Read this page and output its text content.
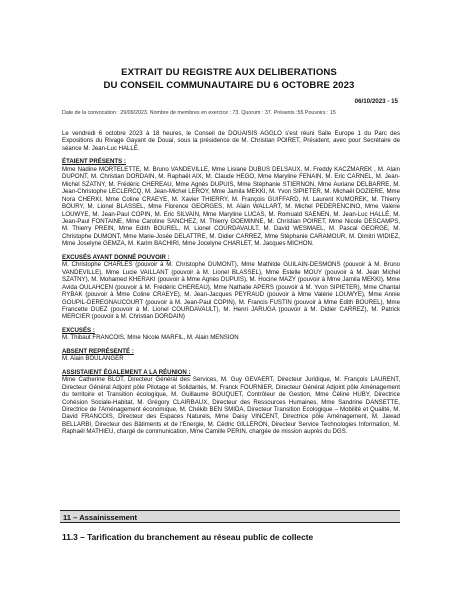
EXTRAIT DU REGISTRE AUX DELIBERATIONS
DU CONSEIL COMMUNAUTAIRE DU 6 OCTOBRE 2023
06/10/2023 - 15
Date de la convocation : 29/09/2023. Nombre de membres en exercice : 73. Quorum : 37. Présents :55 Pouvoirs : 15

Le vendredi 6 octobre 2023 à 18 heures, le Conseil de DOUAISIS AGGLO s'est réuni Salle Europe 1 du Parc des Expositions du Rivage Gayant de Douai, sous la présidence de M. Christian POIRET, Président, avec pour Secrétaire de séance M. Jean-Luc HALLÉ.

ÉTAIENT PRÉSENTS :
Mme Nadine MORTELETTE, M. Bruno VANDEVILLE, Mme Lisiane DUBUS DELSAUX, M. Freddy KACZMAREK , M. Alain DUPONT, M. Christian DORDAIN, M. Raphaël AIX, M. Claude HEGO, Mme Maryline FENAIN, M. Eric CARNEL, M. Jean-Michel SZATNY, M. Frédéric CHEREAU, Mme Agnès DUPUIS, Mme Stéphanie STIERNON, Mme Auriane DELBARRE, M. Jean-Christophe LECLERCQ, M. Jean-Michel LEROY, Mme Jamila MEKKI, M. Yvon SIPIETER, M. Michaël DOZIERE, Mme Nora CHERKI, Mme Coline CRAEYE, M. Xavier THIERRY, M. François GUIFFARD, M. Laurent KUMOREK, M. Thierry BOURY, M. Lionel BLASSEL, Mme Florence GEORGES, M. Alain WALLART, M. Michel PEDERENCINO, Mme Valérie LOUWYE, M. Jean-Paul COPIN, M. Eric SILVAIN, Mme Maryline LUCAS, M. Romuald SAENEN, M. Jean-Luc HALLÉ, M. Jean-Paul FONTAINE, Mme Caroline SANCHEZ, M. Thierry GOEMINNE, M. Christian POIRET, Mme Nicole DESCAMPS, M. Thierry PREIN, Mme Edith BOUREL, M. Lionel COURDAVAULT, M. David WESMAEL, M. Pascal GEORGE, M. Christophe DUMONT, Mme Marie-Josée DELATTRE, M. Didier CARREZ, Mme Stéphanie CARAMOUR, M. Dimitri WIDIEZ, Mme Joselyne GEMZA, M. Karim BACHIRI, Mme Jocelyne CHARLET, M. Jacques MICHON.
EXCUSÉS AYANT DONNÉ POUVOIR :
M. Christophe CHARLES (pouvoir à M. Christophe DUMONT), Mme Mathilde GUILAIN-DESMONS (pouvoir à M. Bruno VANDEVILLE), Mme Lucie VAILLANT (pouvoir à M. Lionel BLASSEL), Mme Estelle MOUY (pouvoir à M. Jean Michel SZATNY), M. Mohamed KHERAKI (pouvoir à Mme Agnès DUPUIS), M. Hocine MAZY (pouvoir à Mme Jamila MEKKI), Mme Avida OULAHCEN (pouvoir à M. Frédéric CHEREAU), Mme Nathalie APERS (pouvoir à M. Yvon SIPIETER), Mme Chantal RYBAK (pouvoir à Mme Coline CRAEYE), M. Jean-Jacques PEYRAUD (pouvoir à Mme Valérie LOUWYE), Mme Annie GOUPIL-DEREGNAUCOURT (pouvoir à M. Jean-Paul COPIN), M. Francis FUSTIN (pouvoir à Mme Edith BOUREL), Mme Francette DUEZ (pouvoir à M. Lionel COURDAVAULT), M. Henri JARUGA (pouvoir à M. Didier CARREZ), M. Patrick MERCIER (pouvoir à M. Christian DORDAIN)
EXCUSÉS :
M. Thibaut FRANCOIS, Mme Nicole MARFIL, M. Alain MENSION
ABSENT REPRÉSENTÉ :
M. Alain BOULANGER
ASSISTAIENT ÉGALEMENT A LA RÉUNION :
Mme Catherine BLOT, Directeur Général des Services, M. Guy GEVAERT, Directeur Juridique, M. François LAURENT, Directeur Général Adjoint pôle Pilotage et Solidarités, M. Franck FOURNIER, Directeur Général Adjoint pôle Aménagement du territoire et Transition écologique, M. Guillaume BOUQUET, Contrôleur de Gestion, Mme Céline HUBY, Directrice Cohésion Sociale-Habitat, M. Grégory CLAIRBAUX, Directeur des Ressources Humaines, Mme Sandrine DANSETTE, Directrice de l'Aménagement économique, M. Chékib BEN SMIDA, Directeur Transition Ecologique – Mobilité et Qualité, M. David FRANCOIS, Directeur des Espaces Naturels, Mme Daisy VINCENT, Directrice pôle Aménagement, M. Jawad BELLARBI, Directeur des Bâtiments et de l'Energie, M. Cédric GILLERON, Directeur Service Technologies Information, M. Raphaël MATHIEU, chargé de communication, Mme Camille PERIN, chargée de mission auprès du DGS.
11 – Assainissement
11.3 – Tarification du branchement au réseau public de collecte
